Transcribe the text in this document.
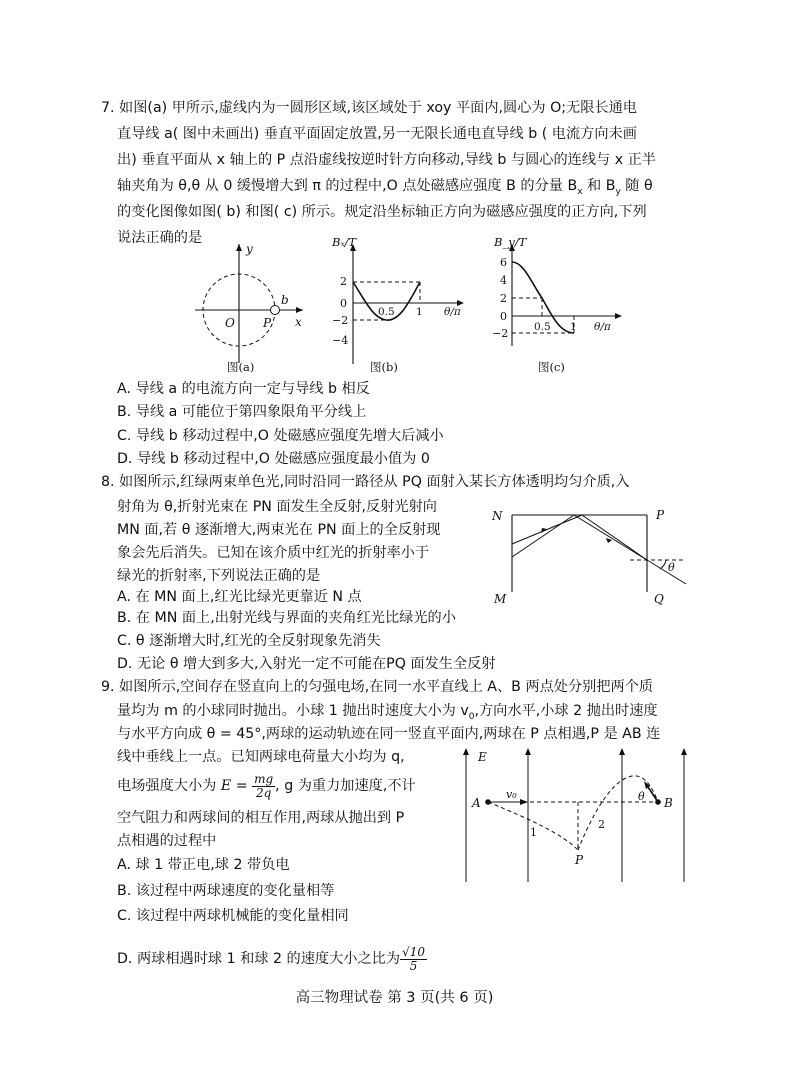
7. 如图(a) 甲所示,虚线内为一圆形区域,该区域处于 xoy 平面内,圆心为 O;无限长通电
直导线 a( 图中未画出) 垂直平面固定放置,另一无限长通电直导线 b ( 电流方向未画
出) 垂直平面从 x 轴上的 P 点沿虚线按逆时针方向移动,导线 b 与圆心的连线与 x 正半
轴夹角为 θ,θ 从 0 缓慢增大到 π 的过程中,O 点处磁感应强度 B 的分量 $B_x$ 和 $B_y$ 随 θ
的变化图像如图( b) 和图( c) 所示。规定沿坐标轴正方向为磁感应强度的正方向,下列
说法正确的是
y
x
O P
b
图(a)
Bₓ/T
2
0
−2
−4
0.5 1 θ/π
图(b)
B_y/T
6
4
2
0
−2 0.5 1 θ/π
图(c)
A. 导线 a 的电流方向一定与导线 b 相反
B. 导线 a 可能位于第四象限角平分线上
C. 导线 b 移动过程中,O 处磁感应强度先增大后减小
D. 导线 b 移动过程中,O 处磁感应强度最小值为 0
8. 如图所示,红绿两束单色光,同时沿同一路径从 PQ 面射入某长方体透明均匀介质,入
射角为 θ,折射光束在 PN 面发生全反射,反射光射向
MN 面,若 θ 逐渐增大,两束光在 PN 面上的全反射现
象会先后消失。已知在该介质中红光的折射率小于
绿光的折射率,下列说法正确的是
N	P
M	Q
θ
A. 在 MN 面上,红光比绿光更靠近 N 点
B. 在 MN 面上,出射光线与界面的夹角红光比绿光的小
C. θ 逐渐增大时,红光的全反射现象先消失
D. 无论 θ 增大到多大,入射光一定不可能在PQ 面发生全反射
9. 如图所示,空间存在竖直向上的匀强电场,在同一水平直线上 A、B 两点处分别把两个质
量均为 m 的小球同时抛出。小球 1 抛出时速度大小为 $v_0$,方向水平,小球 2 抛出时速度
与水平方向成 θ = 45°,两球的运动轨迹在同一竖直平面内,两球在 P 点相遇,P 是 AB 连
线中垂线上一点。已知两球电荷量大小均为 q,
电场强度大小为 $E = \frac{mg}{2q}$ , g 为重力加速度,不计
空气阻力和两球间的相互作用,两球从抛出到 P
点相遇的过程中
E
A
v₀	θ B
1
2
P
A. 球 1 带正电,球 2 带负电
B. 该过程中两球速度的变化量相等
C. 该过程中两球机械能的变化量相同
D. 两球相遇时球 1 和球 2 的速度大小之比为 $\frac{√10}{5}$
高三物理试卷 第 3 页(共 6 页)
